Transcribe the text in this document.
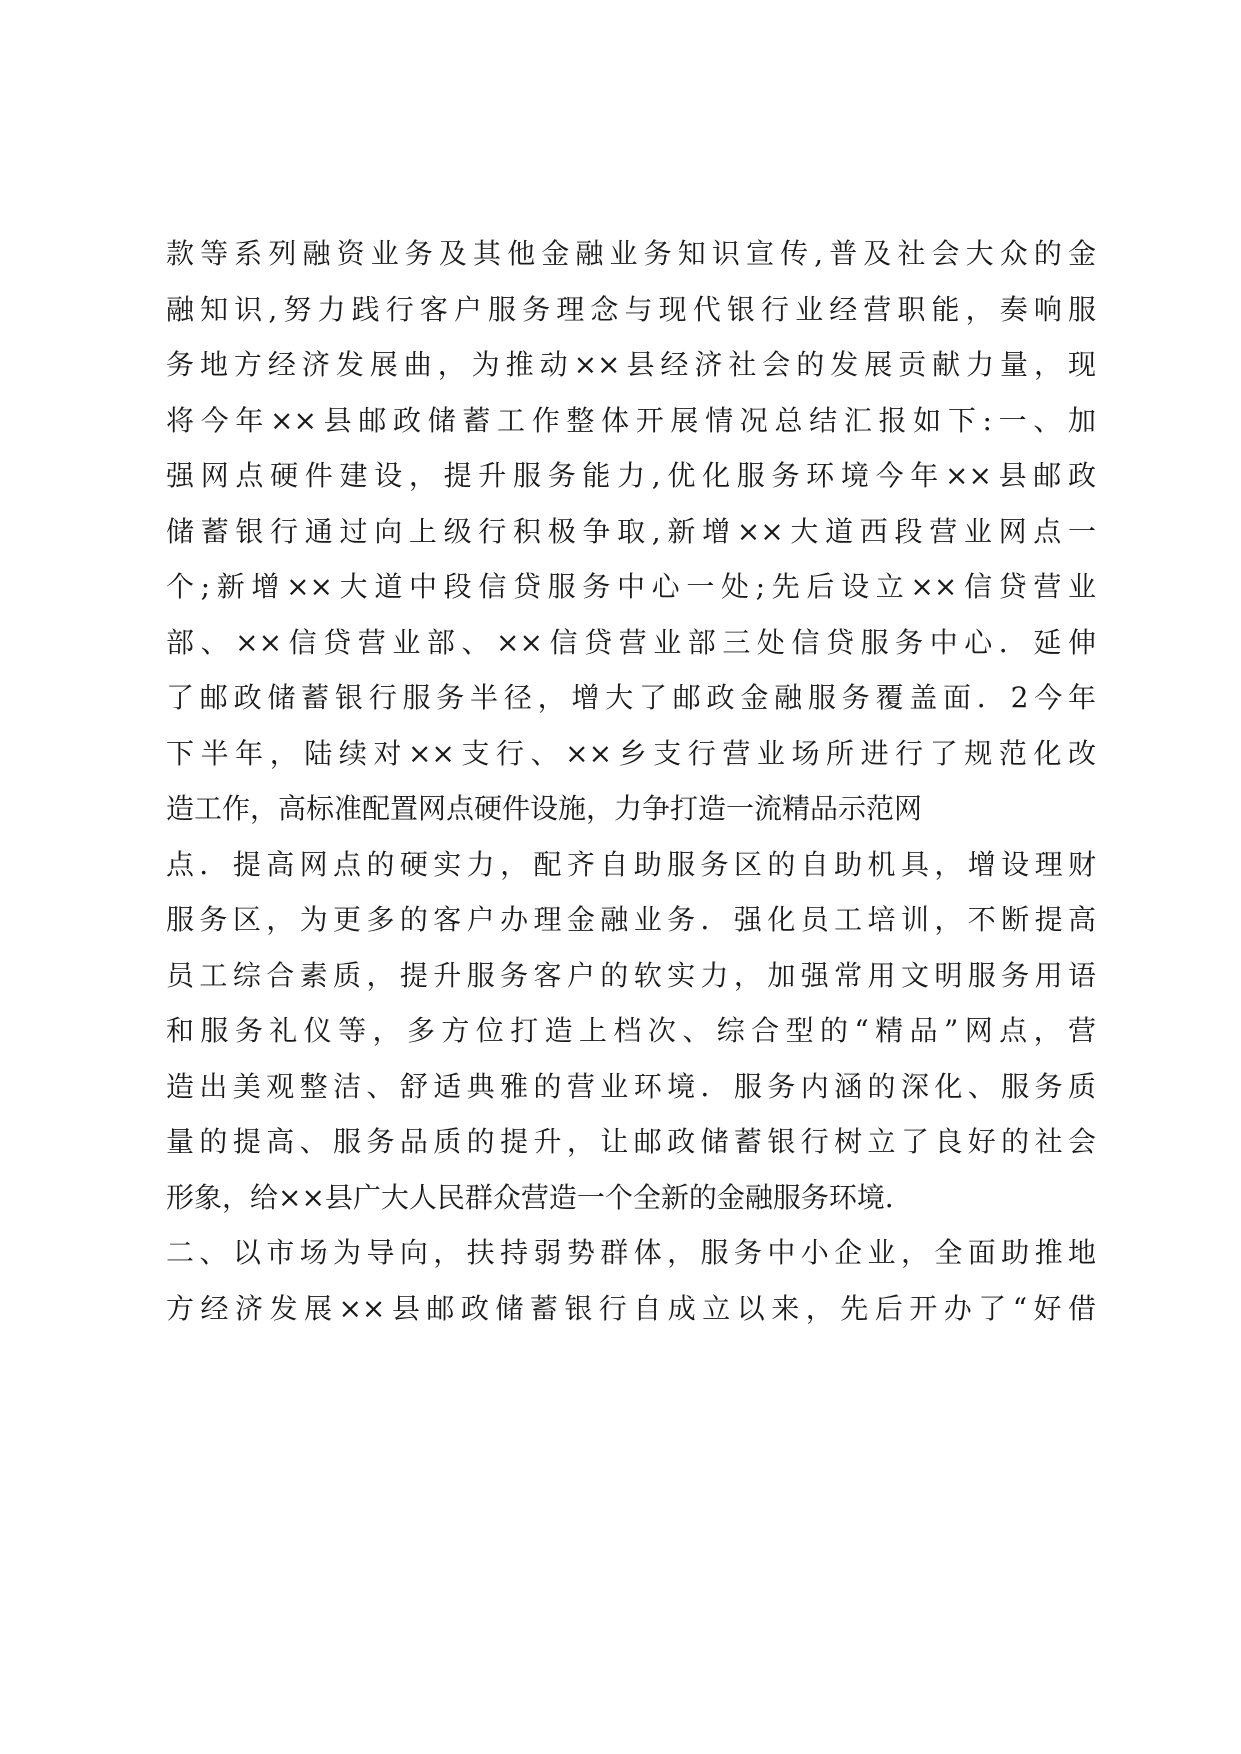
款等系列融资业务及其他金融业务知识宣传,普及社会大众的金
融知识,努力践行客户服务理念与现代银行业经营职能，奏响服
务地方经济发展曲，为推动××县经济社会的发展贡献力量，现
将今年××县邮政储蓄工作整体开展情况总结汇报如下:一、加
强网点硬件建设，提升服务能力,优化服务环境今年××县邮政
储蓄银行通过向上级行积极争取,新增××大道西段营业网点一
个;新增××大道中段信贷服务中心一处;先后设立××信贷营业
部、××信贷营业部、××信贷营业部三处信贷服务中心．延伸
了邮政储蓄银行服务半径，增大了邮政金融服务覆盖面．2今年
下半年，陆续对××支行、××乡支行营业场所进行了规范化改
造工作，高标准配置网点硬件设施，力争打造一流精品示范网
点．提高网点的硬实力，配齐自助服务区的自助机具，增设理财
服务区，为更多的客户办理金融业务．强化员工培训，不断提高
员工综合素质，提升服务客户的软实力，加强常用文明服务用语
和服务礼仪等，多方位打造上档次、综合型的“精品”网点，营
造出美观整洁、舒适典雅的营业环境．服务内涵的深化、服务质
量的提高、服务品质的提升，让邮政储蓄银行树立了良好的社会
形象，给××县广大人民群众营造一个全新的金融服务环境．
二、以市场为导向，扶持弱势群体，服务中小企业，全面助推地
方经济发展××县邮政储蓄银行自成立以来，先后开办了“好借
